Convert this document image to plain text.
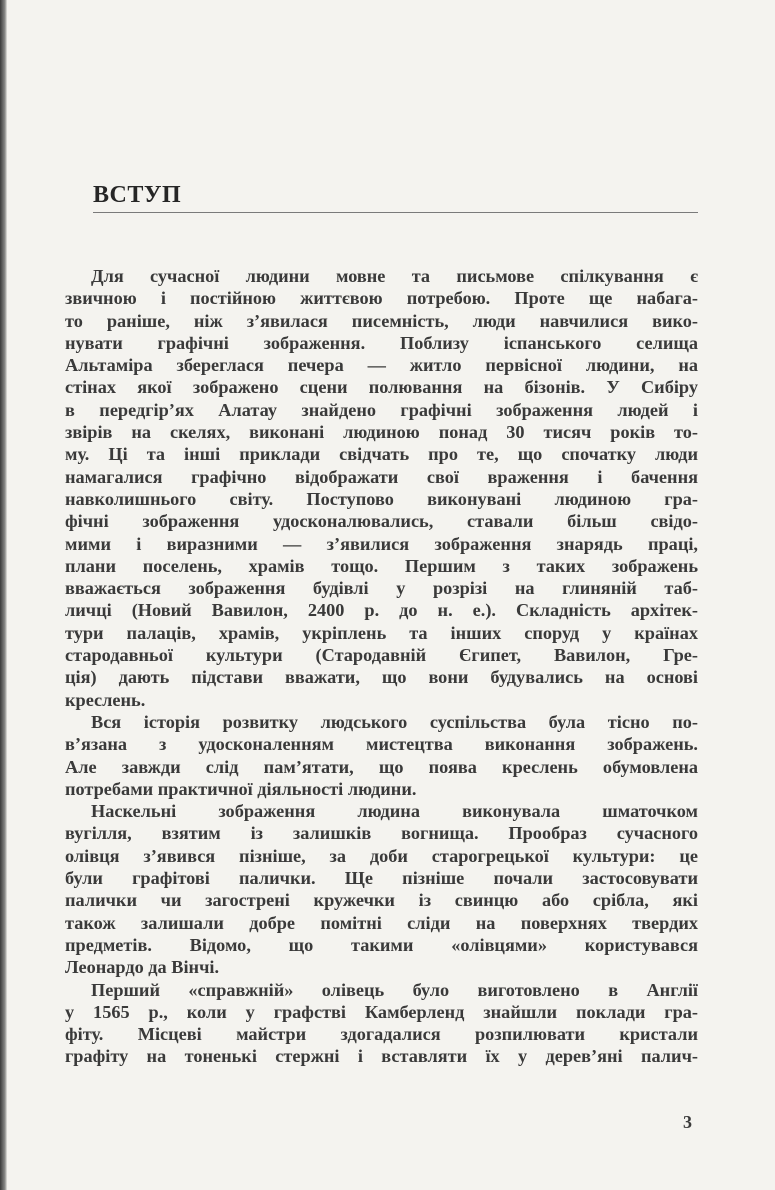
ВСТУП
Для сучасної людини мовне та письмове спілкування є
звичною і постійною життєвою потребою. Проте ще набага-
то раніше, ніж з’явилася писемність, люди навчилися вико-
нувати графічні зображення. Поблизу іспанського селища
Альтаміра збереглася печера — житло первісної людини, на
стінах якої зображено сцени полювання на бізонів. У Сибіру
в передгір’ях Алатау знайдено графічні зображення людей і
звірів на скелях, виконані людиною понад 30 тисяч років то-
му. Ці та інші приклади свідчать про те, що спочатку люди
намагалися графічно відображати свої враження і бачення
навколишнього світу. Поступово виконувані людиною гра-
фічні зображення удосконалювались, ставали більш свідо-
мими і виразними — з’явилися зображення знарядь праці,
плани поселень, храмів тощо. Першим з таких зображень
вважається зображення будівлі у розрізі на глиняній таб-
личці (Новий Вавилон, 2400 р. до н. е.). Складність архітек-
тури палаців, храмів, укріплень та інших споруд у країнах
стародавньої культури (Стародавній Єгипет, Вавилон, Гре-
ція) дають підстави вважати, що вони будувались на основі
креслень.
Вся історія розвитку людського суспільства була тісно по-
в’язана з удосконаленням мистецтва виконання зображень.
Але завжди слід пам’ятати, що поява креслень обумовлена
потребами практичної діяльності людини.
Наскельні зображення людина виконувала шматочком
вугілля, взятим із залишків вогнища. Прообраз сучасного
олівця з’явився пізніше, за доби старогрецької культури: це
були графітові палички. Ще пізніше почали застосовувати
палички чи загострені кружечки із свинцю або срібла, які
також залишали добре помітні сліди на поверхнях твердих
предметів. Відомо, що такими «олівцями» користувався
Леонардо да Вінчі.
Перший «справжній» олівець було виготовлено в Англії
у 1565 р., коли у графстві Камберленд знайшли поклади гра-
фіту. Місцеві майстри здогадалися розпилювати кристали
графіту на тоненькі стержні і вставляти їх у дерев’яні палич-
3
